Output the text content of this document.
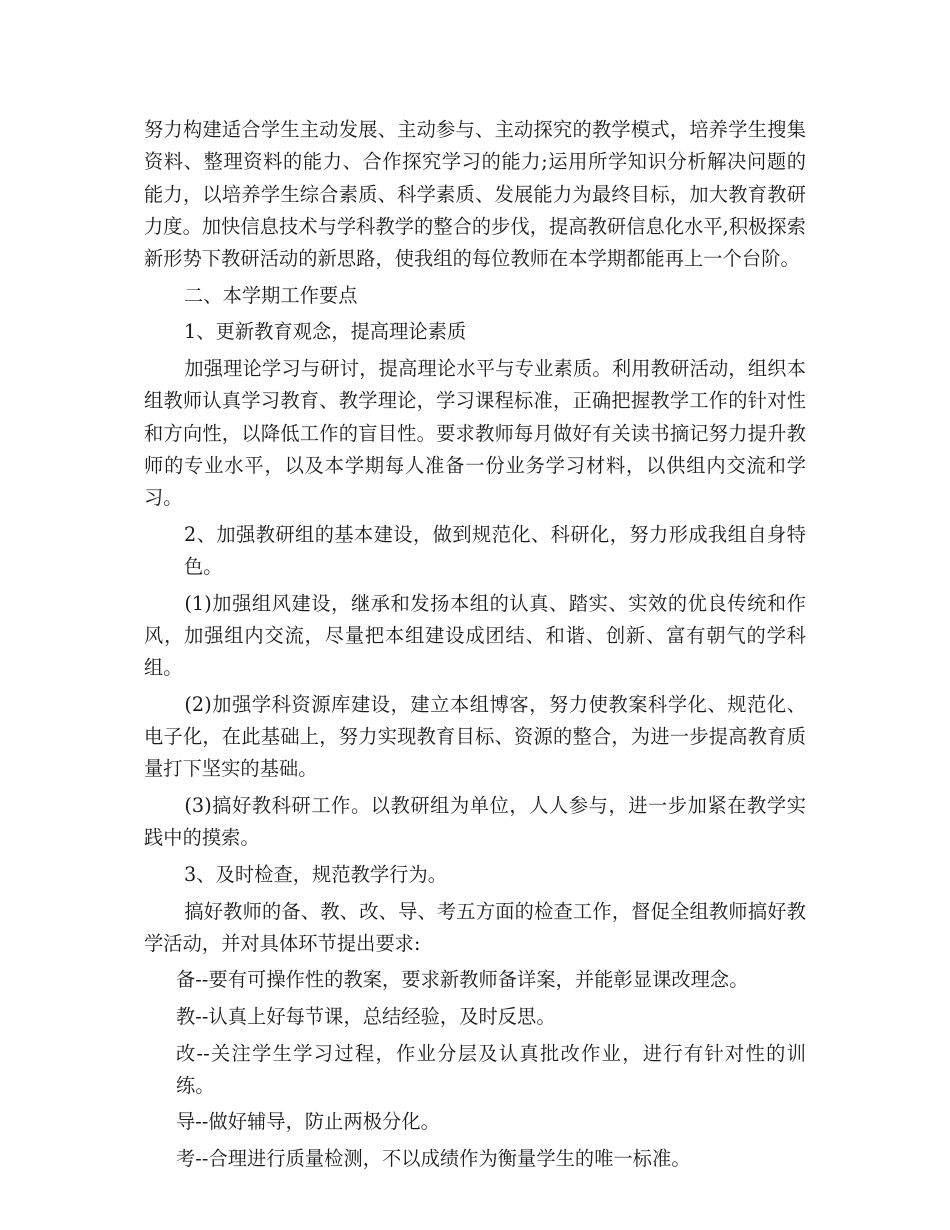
努力构建适合学生主动发展、主动参与、主动探究的教学模式，培养学生搜集资料、整理资料的能力、合作探究学习的能力;运用所学知识分析解决问题的能力，以培养学生综合素质、科学素质、发展能力为最终目标，加大教育教研力度。加快信息技术与学科教学的整合的步伐，提高教研信息化水平,积极探索新形势下教研活动的新思路，使我组的每位教师在本学期都能再上一个台阶。

二、本学期工作要点

1、更新教育观念，提高理论素质

加强理论学习与研讨，提高理论水平与专业素质。利用教研活动，组织本组教师认真学习教育、教学理论，学习课程标准，正确把握教学工作的针对性和方向性，以降低工作的盲目性。要求教师每月做好有关读书摘记努力提升教师的专业水平，以及本学期每人准备一份业务学习材料，以供组内交流和学习。

2、加强教研组的基本建设，做到规范化、科研化，努力形成我组自身特色。

(1)加强组风建设，继承和发扬本组的认真、踏实、实效的优良传统和作风，加强组内交流，尽量把本组建设成团结、和谐、创新、富有朝气的学科组。

(2)加强学科资源库建设，建立本组博客，努力使教案科学化、规范化、电子化，在此基础上，努力实现教育目标、资源的整合，为进一步提高教育质量打下坚实的基础。

(3)搞好教科研工作。以教研组为单位，人人参与，进一步加紧在教学实践中的摸索。

3、及时检查，规范教学行为。

搞好教师的备、教、改、导、考五方面的检查工作，督促全组教师搞好教学活动，并对具体环节提出要求:

备--要有可操作性的教案，要求新教师备详案，并能彰显课改理念。

教--认真上好每节课，总结经验，及时反思。

改--关注学生学习过程，作业分层及认真批改作业，进行有针对性的训练。

导--做好辅导，防止两极分化。

考--合理进行质量检测，不以成绩作为衡量学生的唯一标准。
